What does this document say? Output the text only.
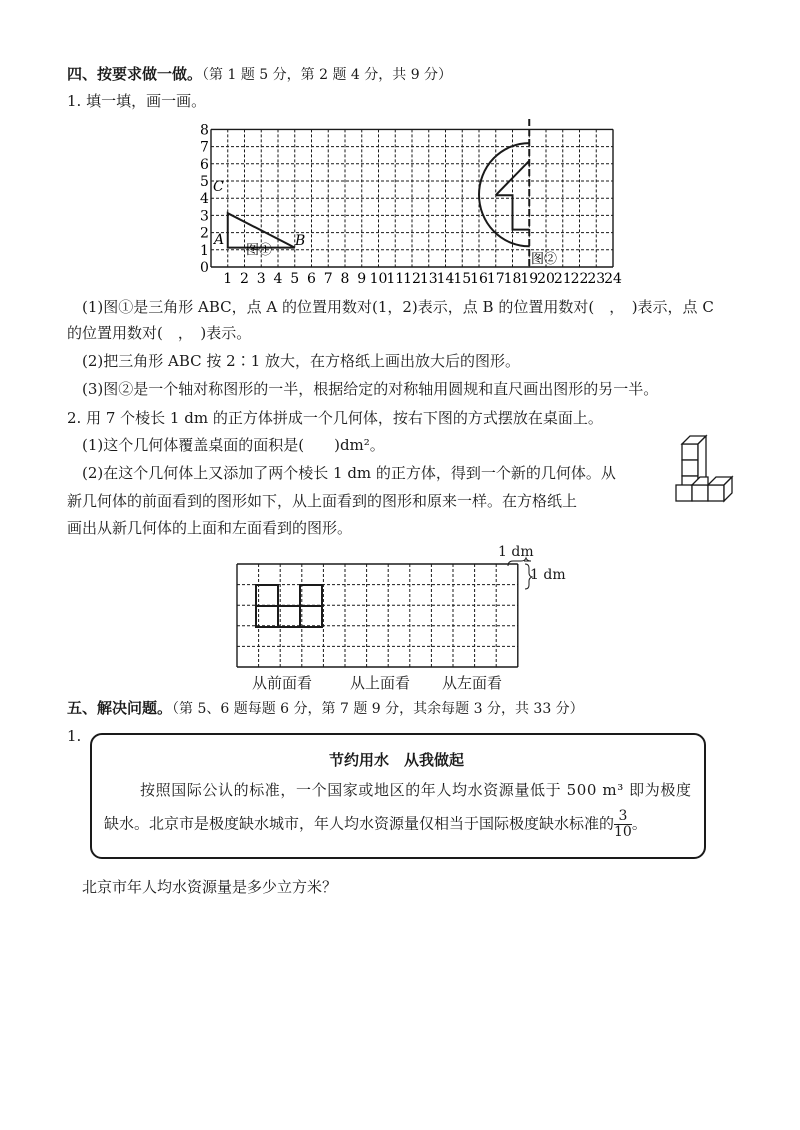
四、按要求做一做。（第 1 题 5 分，第 2 题 4 分，共 9 分）
1. 填一填，画一画。
0
1
2
3
4
5
6
7
8
1 2 3 4 5 6 7 8 9 10
11
12
13
14
15
16
17
18
19
20
21
22
23
24
A	B
C
图①
图②
(1)图①是三角形 ABC，点 A 的位置用数对(1，2)表示，点 B 的位置用数对(　，　)表示，点 C
的位置用数对(　，　)表示。
(2)把三角形 ABC 按 2∶1 放大，在方格纸上画出放大后的图形。
(3)图②是一个轴对称图形的一半，根据给定的对称轴用圆规和直尺画出图形的另一半。
2. 用 7 个棱长 1 dm 的正方体拼成一个几何体，按右下图的方式摆放在桌面上。
(1)这个几何体覆盖桌面的面积是(　　)dm²。
(2)在这个几何体上又添加了两个棱长 1 dm 的正方体，得到一个新的几何体。从
新几何体的前面看到的图形如下，从上面看到的图形和原来一样。在方格纸上
画出从新几何体的上面和左面看到的图形。
1 dm
1 dm
从前面看	从上面看 从左面看
五、解决问题。（第 5、6 题每题 6 分，第 7 题 9 分，其余每题 3 分，共 33 分）
1.
节约用水　从我做起
按照国际公认的标准，一个国家或地区的年人均水资源量低于 500 m³ 即为极度
缺水。北京市是极度缺水城市，年人均水资源量仅相当于国际极度缺水标准的 $\frac{3}{10}$ 。
北京市年人均水资源量是多少立方米？
